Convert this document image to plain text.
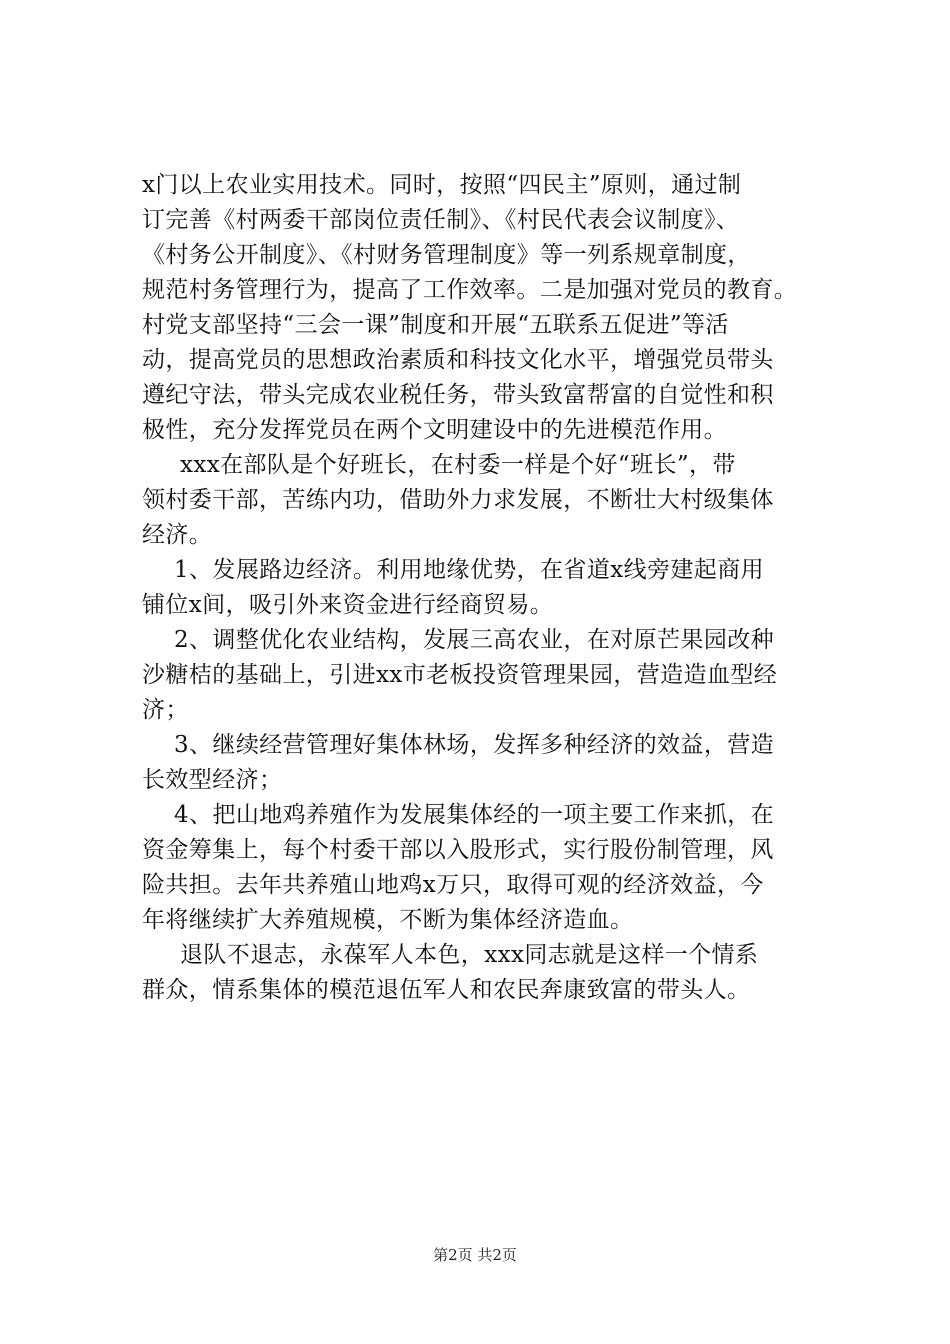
x门以上农业实用技术。同时，按照“四民主”原则，通过制
订完善《村两委干部岗位责任制》、《村民代表会议制度》、
《村务公开制度》、《村财务管理制度》等一列系规章制度，
规范村务管理行为，提高了工作效率。二是加强对党员的教育。
村党支部坚持“三会一课”制度和开展“五联系五促进”等活
动，提高党员的思想政治素质和科技文化水平，增强党员带头
遵纪守法，带头完成农业税任务，带头致富帮富的自觉性和积
极性，充分发挥党员在两个文明建设中的先进模范作用。
xxx在部队是个好班长，在村委一样是个好“班长”，带
领村委干部，苦练内功，借助外力求发展，不断壮大村级集体
经济。
1、发展路边经济。利用地缘优势，在省道x线旁建起商用
铺位x间，吸引外来资金进行经商贸易。
2、调整优化农业结构，发展三高农业，在对原芒果园改种
沙糖桔的基础上，引进xx市老板投资管理果园，营造造血型经
济；
3、继续经营管理好集体林场，发挥多种经济的效益，营造
长效型经济；
4、把山地鸡养殖作为发展集体经的一项主要工作来抓，在
资金筹集上，每个村委干部以入股形式，实行股份制管理，风
险共担。去年共养殖山地鸡x万只，取得可观的经济效益，今
年将继续扩大养殖规模，不断为集体经济造血。
退队不退志，永葆军人本色，xxx同志就是这样一个情系
群众，情系集体的模范退伍军人和农民奔康致富的带头人。
第2页 共2页
